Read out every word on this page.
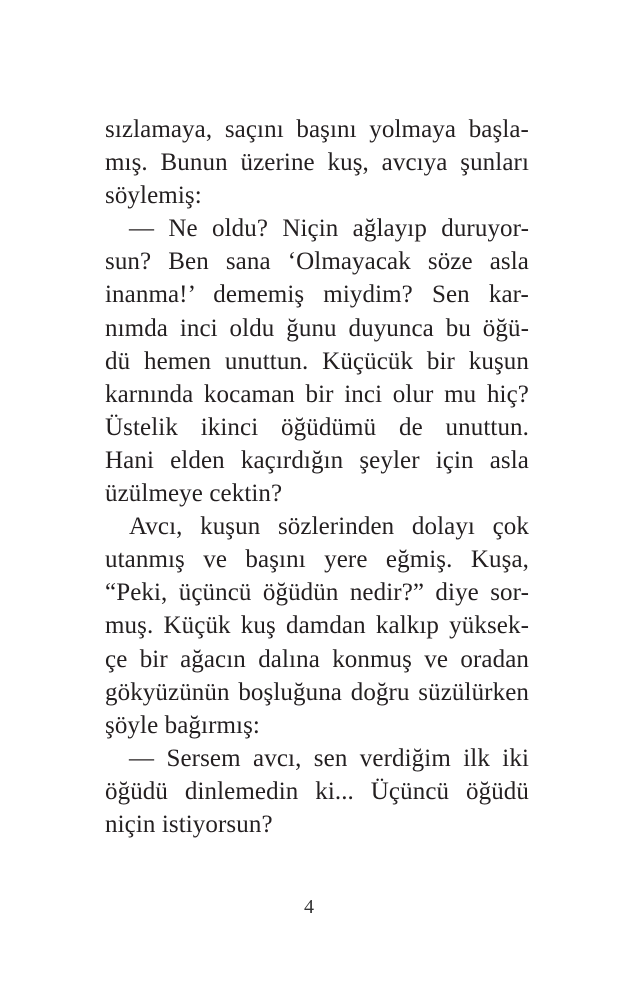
sızlamaya, saçını başını yolmaya başla-
mış. Bunun üzerine kuş, avcıya şunları
söylemiş:
— Ne oldu? Niçin ağlayıp duruyor-
sun? Ben sana ‘Olmayacak söze asla
inanma!’ dememiş miydim? Sen kar-
nımda inci oldu ğunu duyunca bu öğü-
dü hemen unuttun. Küçücük bir kuşun
karnında kocaman bir inci olur mu hiç?
Üstelik ikinci öğüdümü de unuttun.
Hani elden kaçırdığın şeyler için asla
üzülmeye cektin?
Avcı, kuşun sözlerinden dolayı çok
utanmış ve başını yere eğmiş. Kuşa,
“Peki, üçüncü öğüdün nedir?” diye sor-
muş. Küçük kuş damdan kalkıp yüksek-
çe bir ağacın dalına konmuş ve oradan
gökyüzünün boşluğuna doğru süzülürken
şöyle bağırmış:
— Sersem avcı, sen verdiğim ilk iki
öğüdü dinlemedin ki... Üçüncü öğüdü
niçin istiyorsun?
4
